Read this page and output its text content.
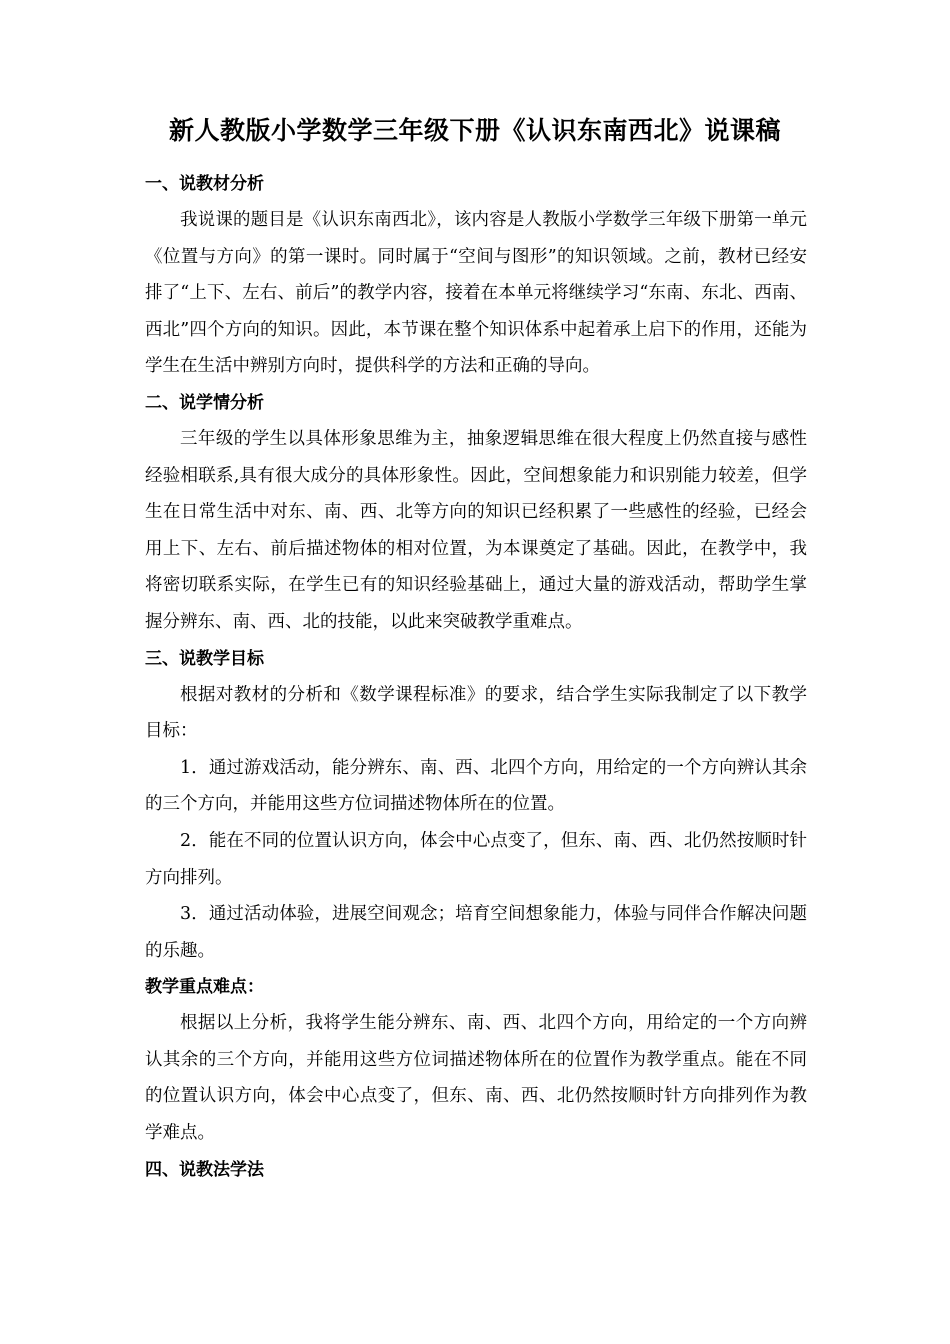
新人教版小学数学三年级下册《认识东南西北》说课稿
一、说教材分析

我说课的题目是《认识东南西北》，该内容是人教版小学数学三年级下册第一单元《位置与方向》的第一课时。同时属于“空间与图形”的知识领域。之前，教材已经安排了“上下、左右、前后”的教学内容，接着在本单元将继续学习“东南、东北、西南、西北”四个方向的知识。因此，本节课在整个知识体系中起着承上启下的作用，还能为学生在生活中辨别方向时，提供科学的方法和正确的导向。

二、说学情分析

三年级的学生以具体形象思维为主，抽象逻辑思维在很大程度上仍然直接与感性经验相联系,具有很大成分的具体形象性。因此，空间想象能力和识别能力较差，但学生在日常生活中对东、南、西、北等方向的知识已经积累了一些感性的经验，已经会用上下、左右、前后描述物体的相对位置，为本课奠定了基础。因此，在教学中，我将密切联系实际，在学生已有的知识经验基础上，通过大量的游戏活动，帮助学生掌握分辨东、南、西、北的技能，以此来突破教学重难点。

三、说教学目标

根据对教材的分析和《数学课程标准》的要求，结合学生实际我制定了以下教学目标：

1．通过游戏活动，能分辨东、南、西、北四个方向，用给定的一个方向辨认其余的三个方向，并能用这些方位词描述物体所在的位置。

2．能在不同的位置认识方向，体会中心点变了，但东、南、西、北仍然按顺时针方向排列。

3．通过活动体验，进展空间观念；培育空间想象能力，体验与同伴合作解决问题的乐趣。

教学重点难点：

根据以上分析，我将学生能分辨东、南、西、北四个方向，用给定的一个方向辨认其余的三个方向，并能用这些方位词描述物体所在的位置作为教学重点。能在不同的位置认识方向，体会中心点变了，但东、南、西、北仍然按顺时针方向排列作为教学难点。

四、说教法学法
